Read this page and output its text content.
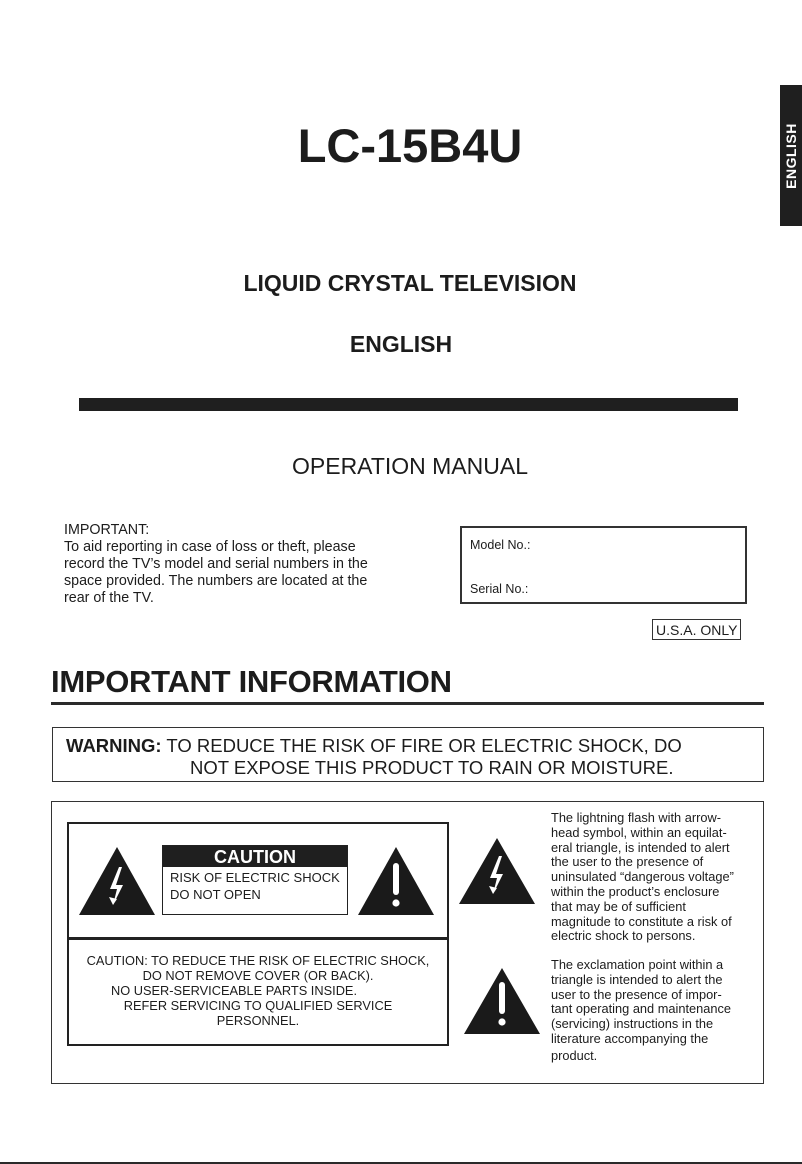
ENGLISH
LC-15B4U
LIQUID CRYSTAL TELEVISION
ENGLISH
OPERATION MANUAL
IMPORTANT:
To aid reporting in case of loss or theft, please
record the TV’s model and serial numbers in the
space provided. The numbers are located at the
rear of the TV.
Model No.:
Serial No.:
U.S.A. ONLY
IMPORTANT INFORMATION
WARNING: TO REDUCE THE RISK OF FIRE OR ELECTRIC SHOCK, DO
NOT EXPOSE THIS PRODUCT TO RAIN OR MOISTURE.
CAUTION
RISK OF ELECTRIC SHOCK
DO NOT OPEN
CAUTION: TO REDUCE THE RISK OF ELECTRIC SHOCK,
DO NOT REMOVE COVER (OR BACK).
NO USER-SERVICEABLE PARTS INSIDE.
REFER SERVICING TO QUALIFIED SERVICE
PERSONNEL.
The lightning flash with arrow-
head symbol, within an equilat-
eral triangle, is intended to alert
the user to the presence of
uninsulated “dangerous voltage”
within the product’s enclosure
that may be of sufficient
magnitude to constitute a risk of
electric shock to persons.
The exclamation point within a
triangle is intended to alert the
user to the presence of impor-
tant operating and maintenance
(servicing) instructions in the
literature accompanying the
product.
